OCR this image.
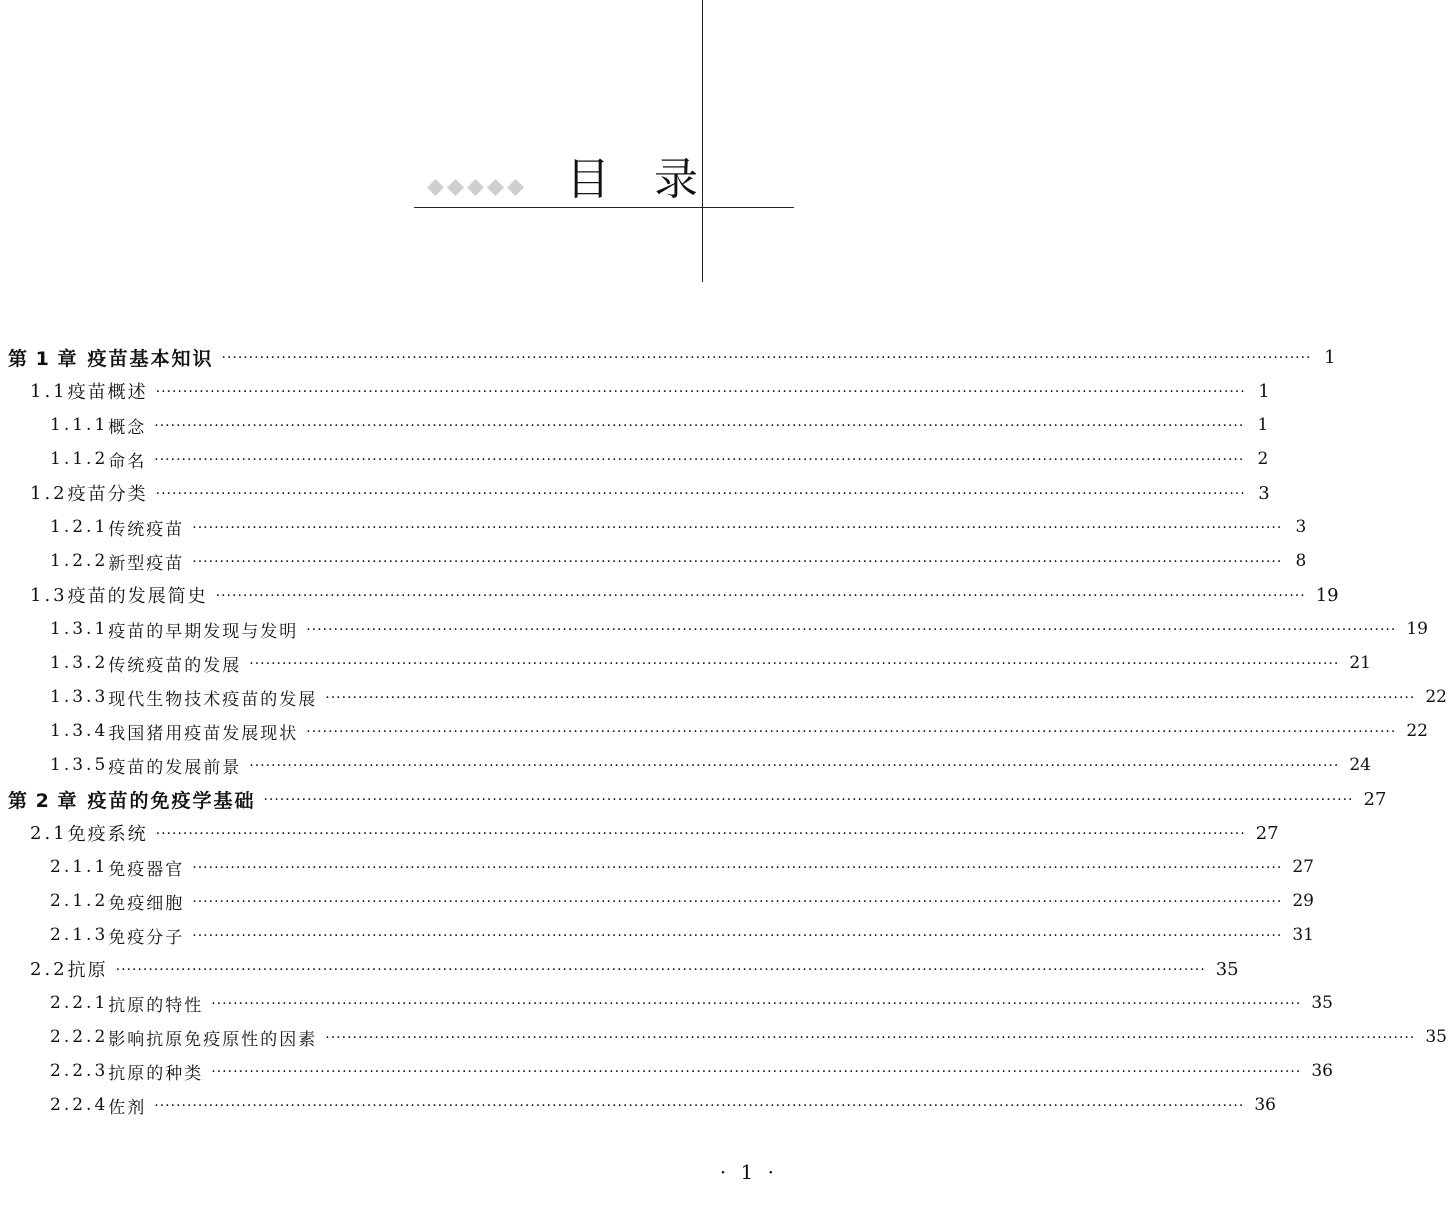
目录
第 1 章 疫苗基本知识 ········································································································································································································ 1
1.1 疫苗概述 ········································································································································································································ 1
1.1.1 概念 ········································································································································································································ 1
1.1.2 命名 ········································································································································································································ 2
1.2 疫苗分类 ········································································································································································································ 3
1.2.1 传统疫苗 ········································································································································································································ 3
1.2.2 新型疫苗 ········································································································································································································ 8
1.3 疫苗的发展简史 ········································································································································································································ 19
1.3.1 疫苗的早期发现与发明 ········································································································································································································ 19
1.3.2 传统疫苗的发展 ········································································································································································································ 21
1.3.3 现代生物技术疫苗的发展 ········································································································································································································ 22
1.3.4 我国猪用疫苗发展现状 ········································································································································································································ 22
1.3.5 疫苗的发展前景 ········································································································································································································ 24
第 2 章 疫苗的免疫学基础 ········································································································································································································ 27
2.1 免疫系统 ········································································································································································································ 27
2.1.1 免疫器官 ········································································································································································································ 27
2.1.2 免疫细胞 ········································································································································································································ 29
2.1.3 免疫分子 ········································································································································································································ 31
2.2 抗原 ········································································································································································································ 35
2.2.1 抗原的特性 ········································································································································································································ 35
2.2.2 影响抗原免疫原性的因素 ········································································································································································································ 35
2.2.3 抗原的种类 ········································································································································································································ 36
2.2.4 佐剂 ········································································································································································································ 36
· 1 ·
